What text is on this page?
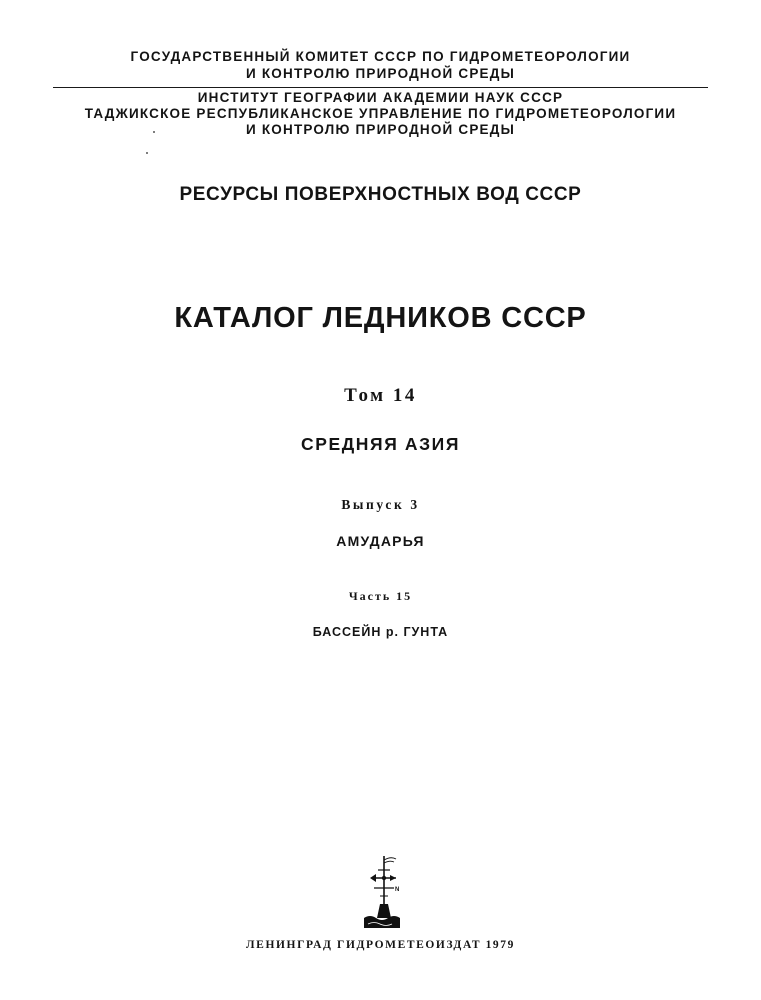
ГОСУДАРСТВЕННЫЙ КОМИТЕТ СССР ПО ГИДРОМЕТЕОРОЛОГИИ
И КОНТРОЛЮ ПРИРОДНОЙ СРЕДЫ
ИНСТИТУТ ГЕОГРАФИИ АКАДЕМИИ НАУК СССР
ТАДЖИКСКОЕ РЕСПУБЛИКАНСКОЕ УПРАВЛЕНИЕ ПО ГИДРОМЕТЕОРОЛОГИИ
И КОНТРОЛЮ ПРИРОДНОЙ СРЕДЫ
РЕСУРСЫ ПОВЕРХНОСТНЫХ ВОД СССР
КАТАЛОГ ЛЕДНИКОВ СССР
Том 14
СРЕДНЯЯ АЗИЯ
Выпуск 3
АМУДАРЬЯ
Часть 15
БАССЕЙН р. ГУНТА
N
ЛЕНИНГРАД ГИДРОМЕТЕОИЗДАТ 1979
